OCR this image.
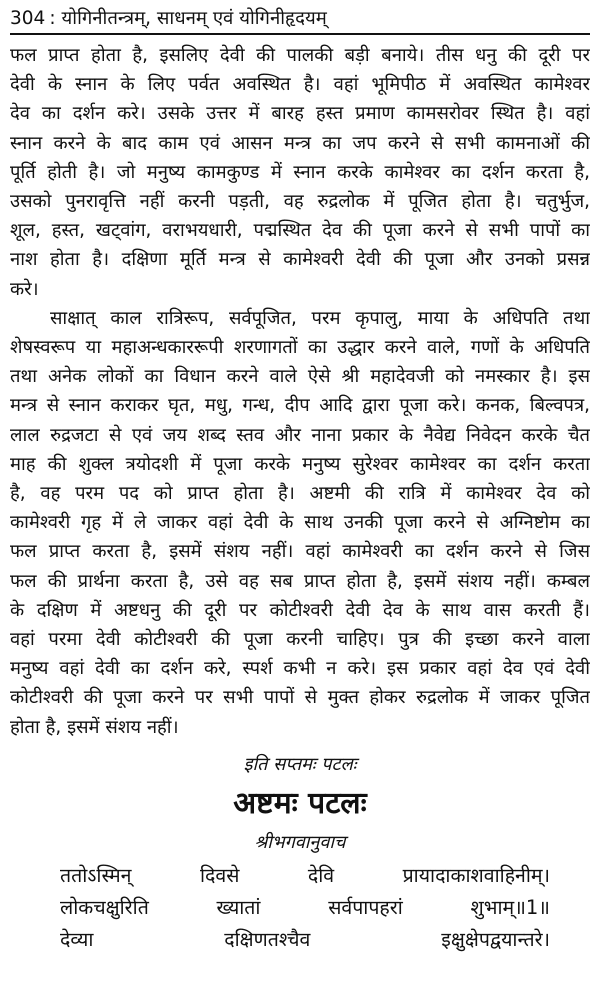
304 : योगिनीतन्त्रम्, साधनम् एवं योगिनीहृदयम्
फल प्राप्त होता है, इसलिए देवी की पालकी बड़ी बनाये। तीस धनु की दूरी पर
देवी के स्नान के लिए पर्वत अवस्थित है। वहां भूमिपीठ में अवस्थित कामेश्वर
देव का दर्शन करे। उसके उत्तर में बारह हस्त प्रमाण कामसरोवर स्थित है। वहां
स्नान करने के बाद काम एवं आसन मन्त्र का जप करने से सभी कामनाओं की
पूर्ति होती है। जो मनुष्य कामकुण्ड में स्नान करके कामेश्वर का दर्शन करता है,
उसको पुनरावृत्ति नहीं करनी पड़ती, वह रुद्रलोक में पूजित होता है। चतुर्भुज,
शूल, हस्त, खट्वांग, वराभयधारी, पद्मस्थित देव की पूजा करने से सभी पापों का
नाश होता है। दक्षिणा मूर्ति मन्त्र से कामेश्वरी देवी की पूजा और उनको प्रसन्न
करे।
साक्षात् काल रात्रिरूप, सर्वपूजित, परम कृपालु, माया के अधिपति तथा
शेषस्वरूप या महाअन्धकाररूपी शरणागतों का उद्धार करने वाले, गणों के अधिपति
तथा अनेक लोकों का विधान करने वाले ऐसे श्री महादेवजी को नमस्कार है। इस
मन्त्र से स्नान कराकर घृत, मधु, गन्ध, दीप आदि द्वारा पूजा करे। कनक, बिल्वपत्र,
लाल रुद्रजटा से एवं जय शब्द स्तव और नाना प्रकार के नैवेद्य निवेदन करके चैत
माह की शुक्ल त्रयोदशी में पूजा करके मनुष्य सुरेश्वर कामेश्वर का दर्शन करता
है, वह परम पद को प्राप्त होता है। अष्टमी की रात्रि में कामेश्वर देव को
कामेश्वरी गृह में ले जाकर वहां देवी के साथ उनकी पूजा करने से अग्निष्टोम का
फल प्राप्त करता है, इसमें संशय नहीं। वहां कामेश्वरी का दर्शन करने से जिस
फल की प्रार्थना करता है, उसे वह सब प्राप्त होता है, इसमें संशय नहीं। कम्बल
के दक्षिण में अष्टधनु की दूरी पर कोटीश्वरी देवी देव के साथ वास करती हैं।
वहां परमा देवी कोटीश्वरी की पूजा करनी चाहिए। पुत्र की इच्छा करने वाला
मनुष्य वहां देवी का दर्शन करे, स्पर्श कभी न करे। इस प्रकार वहां देव एवं देवी
कोटीश्वरी की पूजा करने पर सभी पापों से मुक्त होकर रुद्रलोक में जाकर पूजित
होता है, इसमें संशय नहीं।
इति सप्तमः पटलः
अष्टमः पटलः
श्रीभगवानुवाच
ततोऽस्मिन्	दिवसे	देवि	प्रायादाकाशवाहिनीम्।
लोकचक्षुरिति	ख्यातां	सर्वपापहरां	शुभाम्॥1॥
देव्या	दक्षिणतश्चैव	इक्षुक्षेपद्वयान्तरे।
